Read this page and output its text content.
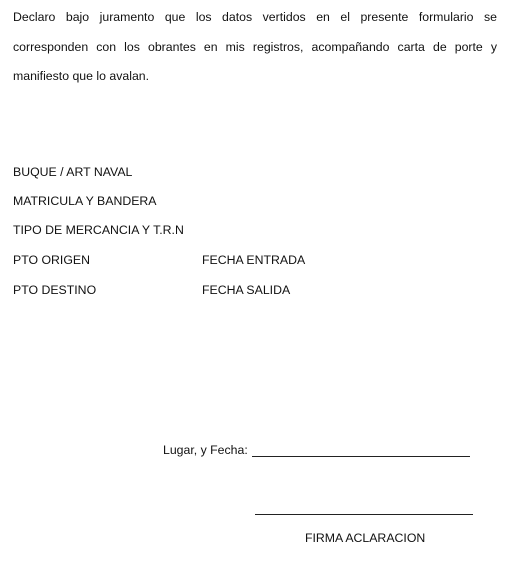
Declaro bajo juramento que los datos vertidos en el presente formulario se corresponden con los obrantes en mis registros, acompañando carta de porte y manifiesto que lo avalan.

BUQUE / ART NAVAL
MATRICULA Y BANDERA
TIPO DE MERCANCIA Y T.R.N
PTO ORIGEN	FECHA ENTRADA
PTO DESTINO	FECHA SALIDA
Lugar, y Fecha:
FIRMA ACLARACION
